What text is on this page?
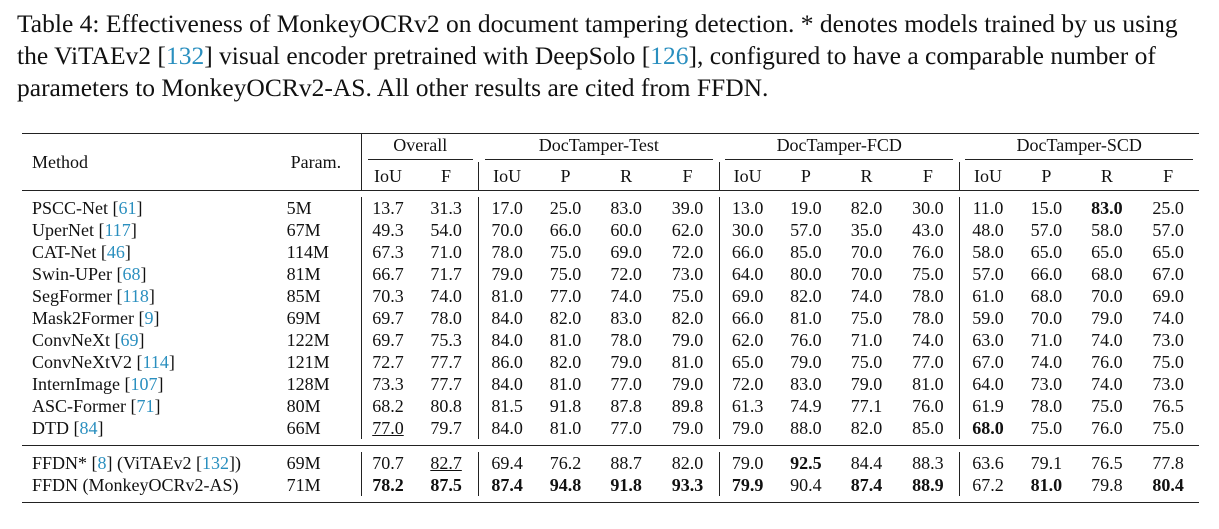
Table 4: Effectiveness of MonkeyOCRv2 on document tampering detection. * denotes models trained by us using the ViTAEv2 [132] visual encoder pretrained with DeepSolo [126], configured to have a comparable number of parameters to MonkeyOCRv2-AS. All other results are cited from FFDN.

Method	Param.	Overall		DocTamper-Test				DocTamper-FCD				DocTamper-SCD			

		IoU	F	IoU	P	R	F	IoU	P	R	F	IoU	P	R	F

PSCC-Net [61]	5M	13.7	31.3	17.0	25.0	83.0	39.0	13.0	19.0	82.0	30.0	11.0	15.0	83.0	25.0
UperNet [117]	67M	49.3	54.0	70.0	66.0	60.0	62.0	30.0	57.0	35.0	43.0	48.0	57.0	58.0	57.0
CAT-Net [46]	114M	67.3	71.0	78.0	75.0	69.0	72.0	66.0	85.0	70.0	76.0	58.0	65.0	65.0	65.0
Swin-UPer [68]	81M	66.7	71.7	79.0	75.0	72.0	73.0	64.0	80.0	70.0	75.0	57.0	66.0	68.0	67.0
SegFormer [118]	85M	70.3	74.0	81.0	77.0	74.0	75.0	69.0	82.0	74.0	78.0	61.0	68.0	70.0	69.0
Mask2Former [9]	69M	69.7	78.0	84.0	82.0	83.0	82.0	66.0	81.0	75.0	78.0	59.0	70.0	79.0	74.0
ConvNeXt [69]	122M	69.7	75.3	84.0	81.0	78.0	79.0	62.0	76.0	71.0	74.0	63.0	71.0	74.0	73.0
ConvNeXtV2 [114]	121M	72.7	77.7	86.0	82.0	79.0	81.0	65.0	79.0	75.0	77.0	67.0	74.0	76.0	75.0
InternImage [107]	128M	73.3	77.7	84.0	81.0	77.0	79.0	72.0	83.0	79.0	81.0	64.0	73.0	74.0	73.0
ASC-Former [71]	80M	68.2	80.8	81.5	91.8	87.8	89.8	61.3	74.9	77.1	76.0	61.9	78.0	75.0	76.5
DTD [84]	66M	77.0	79.7	84.0	81.0	77.0	79.0	79.0	88.0	82.0	85.0	68.0	75.0	76.0	75.0

FFDN* [8] (ViTAEv2 [132])	69M	70.7	82.7	69.4	76.2	88.7	82.0	79.0	92.5	84.4	88.3	63.6	79.1	76.5	77.8
FFDN (MonkeyOCRv2-AS)	71M	78.2	87.5	87.4	94.8	91.8	93.3	79.9	90.4	87.4	88.9	67.2	81.0	79.8	80.4
